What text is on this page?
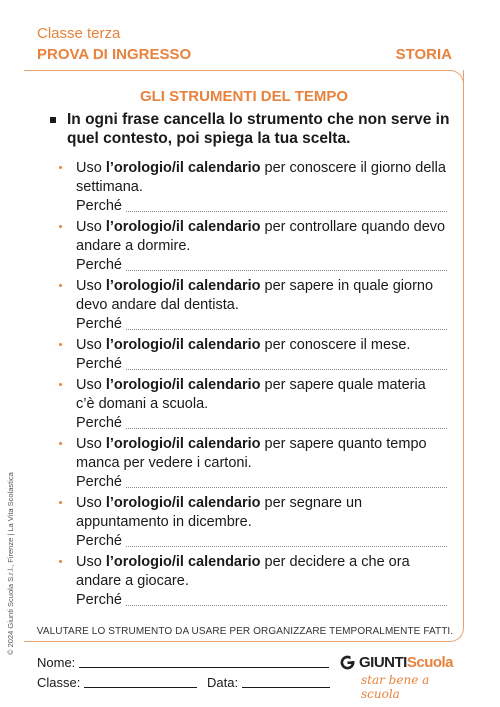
Classe terza
PROVA DI INGRESSO	STORIA
GLI STRUMENTI DEL TEMPO
In ogni frase cancella lo strumento che non serve in quel contesto, poi spiega la tua scelta.
Uso l’orologio/il calendario per conoscere il giorno della settimana.
Perché
Uso l’orologio/il calendario per controllare quando devo andare a dormire.
Perché
Uso l’orologio/il calendario per sapere in quale giorno devo andare dal dentista.
Perché
Uso l’orologio/il calendario per conoscere il mese.
Perché
Uso l’orologio/il calendario per sapere quale materia c’è domani a scuola.
Perché
Uso l’orologio/il calendario per sapere quanto tempo manca per vedere i cartoni.
Perché
Uso l’orologio/il calendario per segnare un appuntamento in dicembre.
Perché
Uso l’orologio/il calendario per decidere a che ora andare a giocare.
Perché
VALUTARE LO STRUMENTO DA USARE PER ORGANIZZARE TEMPORALMENTE FATTI.
© 2024 Giunti Scuola S.r.l., Firenze | La Vita Scolastica
Nome:
Classe:	Data:
GIUNTIScuola
star bene a scuola
